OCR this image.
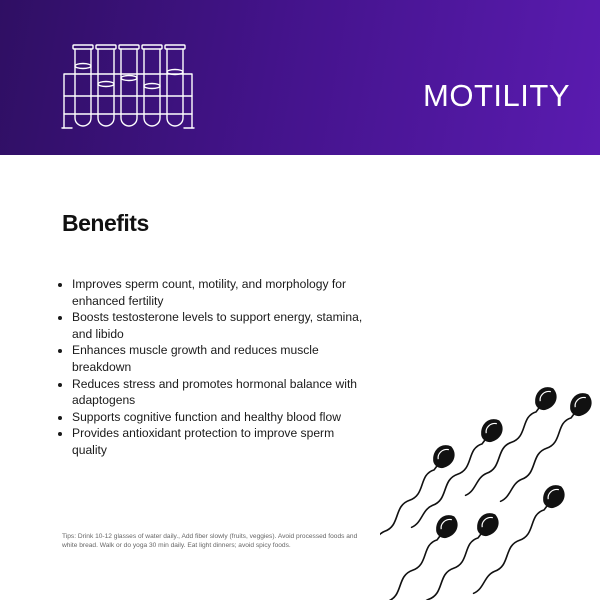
MOTILITY
Benefits
• Improves sperm count, motility, and morphology for enhanced fertility
• Boosts testosterone levels to support energy, stamina, and libido
• Enhances muscle growth and reduces muscle breakdown
• Reduces stress and promotes hormonal balance with adaptogens
• Supports cognitive function and healthy blood flow
• Provides antioxidant protection to improve sperm quality

Tips: Drink 10-12 glasses of water daily., Add fiber slowly (fruits, veggies). Avoid processed foods and white bread. Walk or do yoga 30 min daily. Eat light dinners; avoid spicy foods.
